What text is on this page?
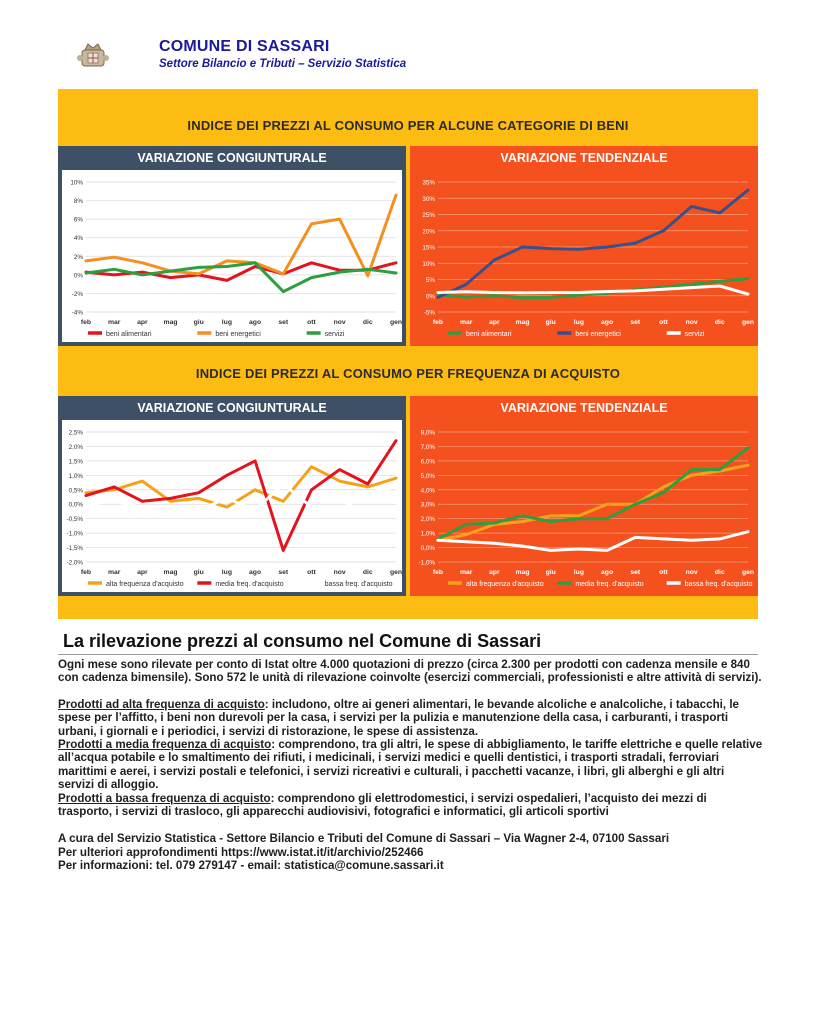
COMUNE DI SASSARI
Settore Bilancio e Tributi – Servizio Statistica
INDICE DEI PREZZI AL CONSUMO PER ALCUNE CATEGORIE DI BENI
VARIAZIONE CONGIUNTURALE
10%
8%
6%
4%
2%
0%
-2%
-4%
feb mar apr mag giu	lug	ago	set	ott	nov	dic	gen
beni alimentari	beni energetici	servizi
VARIAZIONE TENDENZIALE
35%
30%
25%
20%
15%
10%
5%
0%
-5%
feb mar apr mag giu	lug	ago	set	ott	nov	dic	gen
beni alimentari	beni energetici	servizi
INDICE DEI PREZZI AL CONSUMO PER FREQUENZA DI ACQUISTO
VARIAZIONE CONGIUNTURALE
2,5%
2,0%
1,5%
1,0%
0,5%
0,0%
-0,5%
-1,0%
-1,5%
-2,0%
feb mar apr mag giu	lug	ago	set	ott	nov	dic	gen
alta frequenza d'acquisto	media freq. d'acquisto	bassa freq. d'acquisto
VARIAZIONE TENDENZIALE
8,0%
7,0%
6,0%
5,0%
4,0%
3,0%
2,0%
1,0%
0,0%
-1,0%
feb mar apr mag giu	lug	ago	set	ott	nov	dic	gen
alta frequenza d'acquisto	media freq. d'acquisto	bassa freq. d'acquisto
La rilevazione prezzi al consumo nel Comune di Sassari

Ogni mese sono rilevate per conto di Istat oltre 4.000 quotazioni di prezzo (circa 2.300 per prodotti con cadenza mensile e 840 con cadenza bimensile). Sono 572 le unità di rilevazione coinvolte (esercizi commerciali, professionisti e altre attività di servizi).

Prodotti ad alta frequenza di acquisto: includono, oltre ai generi alimentari, le bevande alcoliche e analcoliche, i tabacchi, le spese per l’affitto, i beni non durevoli per la casa, i servizi per la pulizia e manutenzione della casa, i carburanti, i trasporti urbani, i giornali e i periodici, i servizi di ristorazione, le spese di assistenza.

Prodotti a media frequenza di acquisto: comprendono, tra gli altri, le spese di abbigliamento, le tariffe elettriche e quelle relative all’acqua potabile e lo smaltimento dei rifiuti, i medicinali, i servizi medici e quelli dentistici, i trasporti stradali, ferroviari marittimi e aerei, i servizi postali e telefonici, i servizi ricreativi e culturali, i pacchetti vacanze, i libri, gli alberghi e gli altri servizi di alloggio.

Prodotti a bassa frequenza di acquisto: comprendono gli elettrodomestici, i servizi ospedalieri, l’acquisto dei mezzi di trasporto, i servizi di trasloco, gli apparecchi audiovisivi, fotografici e informatici, gli articoli sportivi

A cura del Servizio Statistica - Settore Bilancio e Tributi del Comune di Sassari – Via Wagner 2-4, 07100 Sassari

Per ulteriori approfondimenti https://www.istat.it/it/archivio/252466

Per informazioni: tel. 079 279147 - email: statistica@comune.sassari.it
